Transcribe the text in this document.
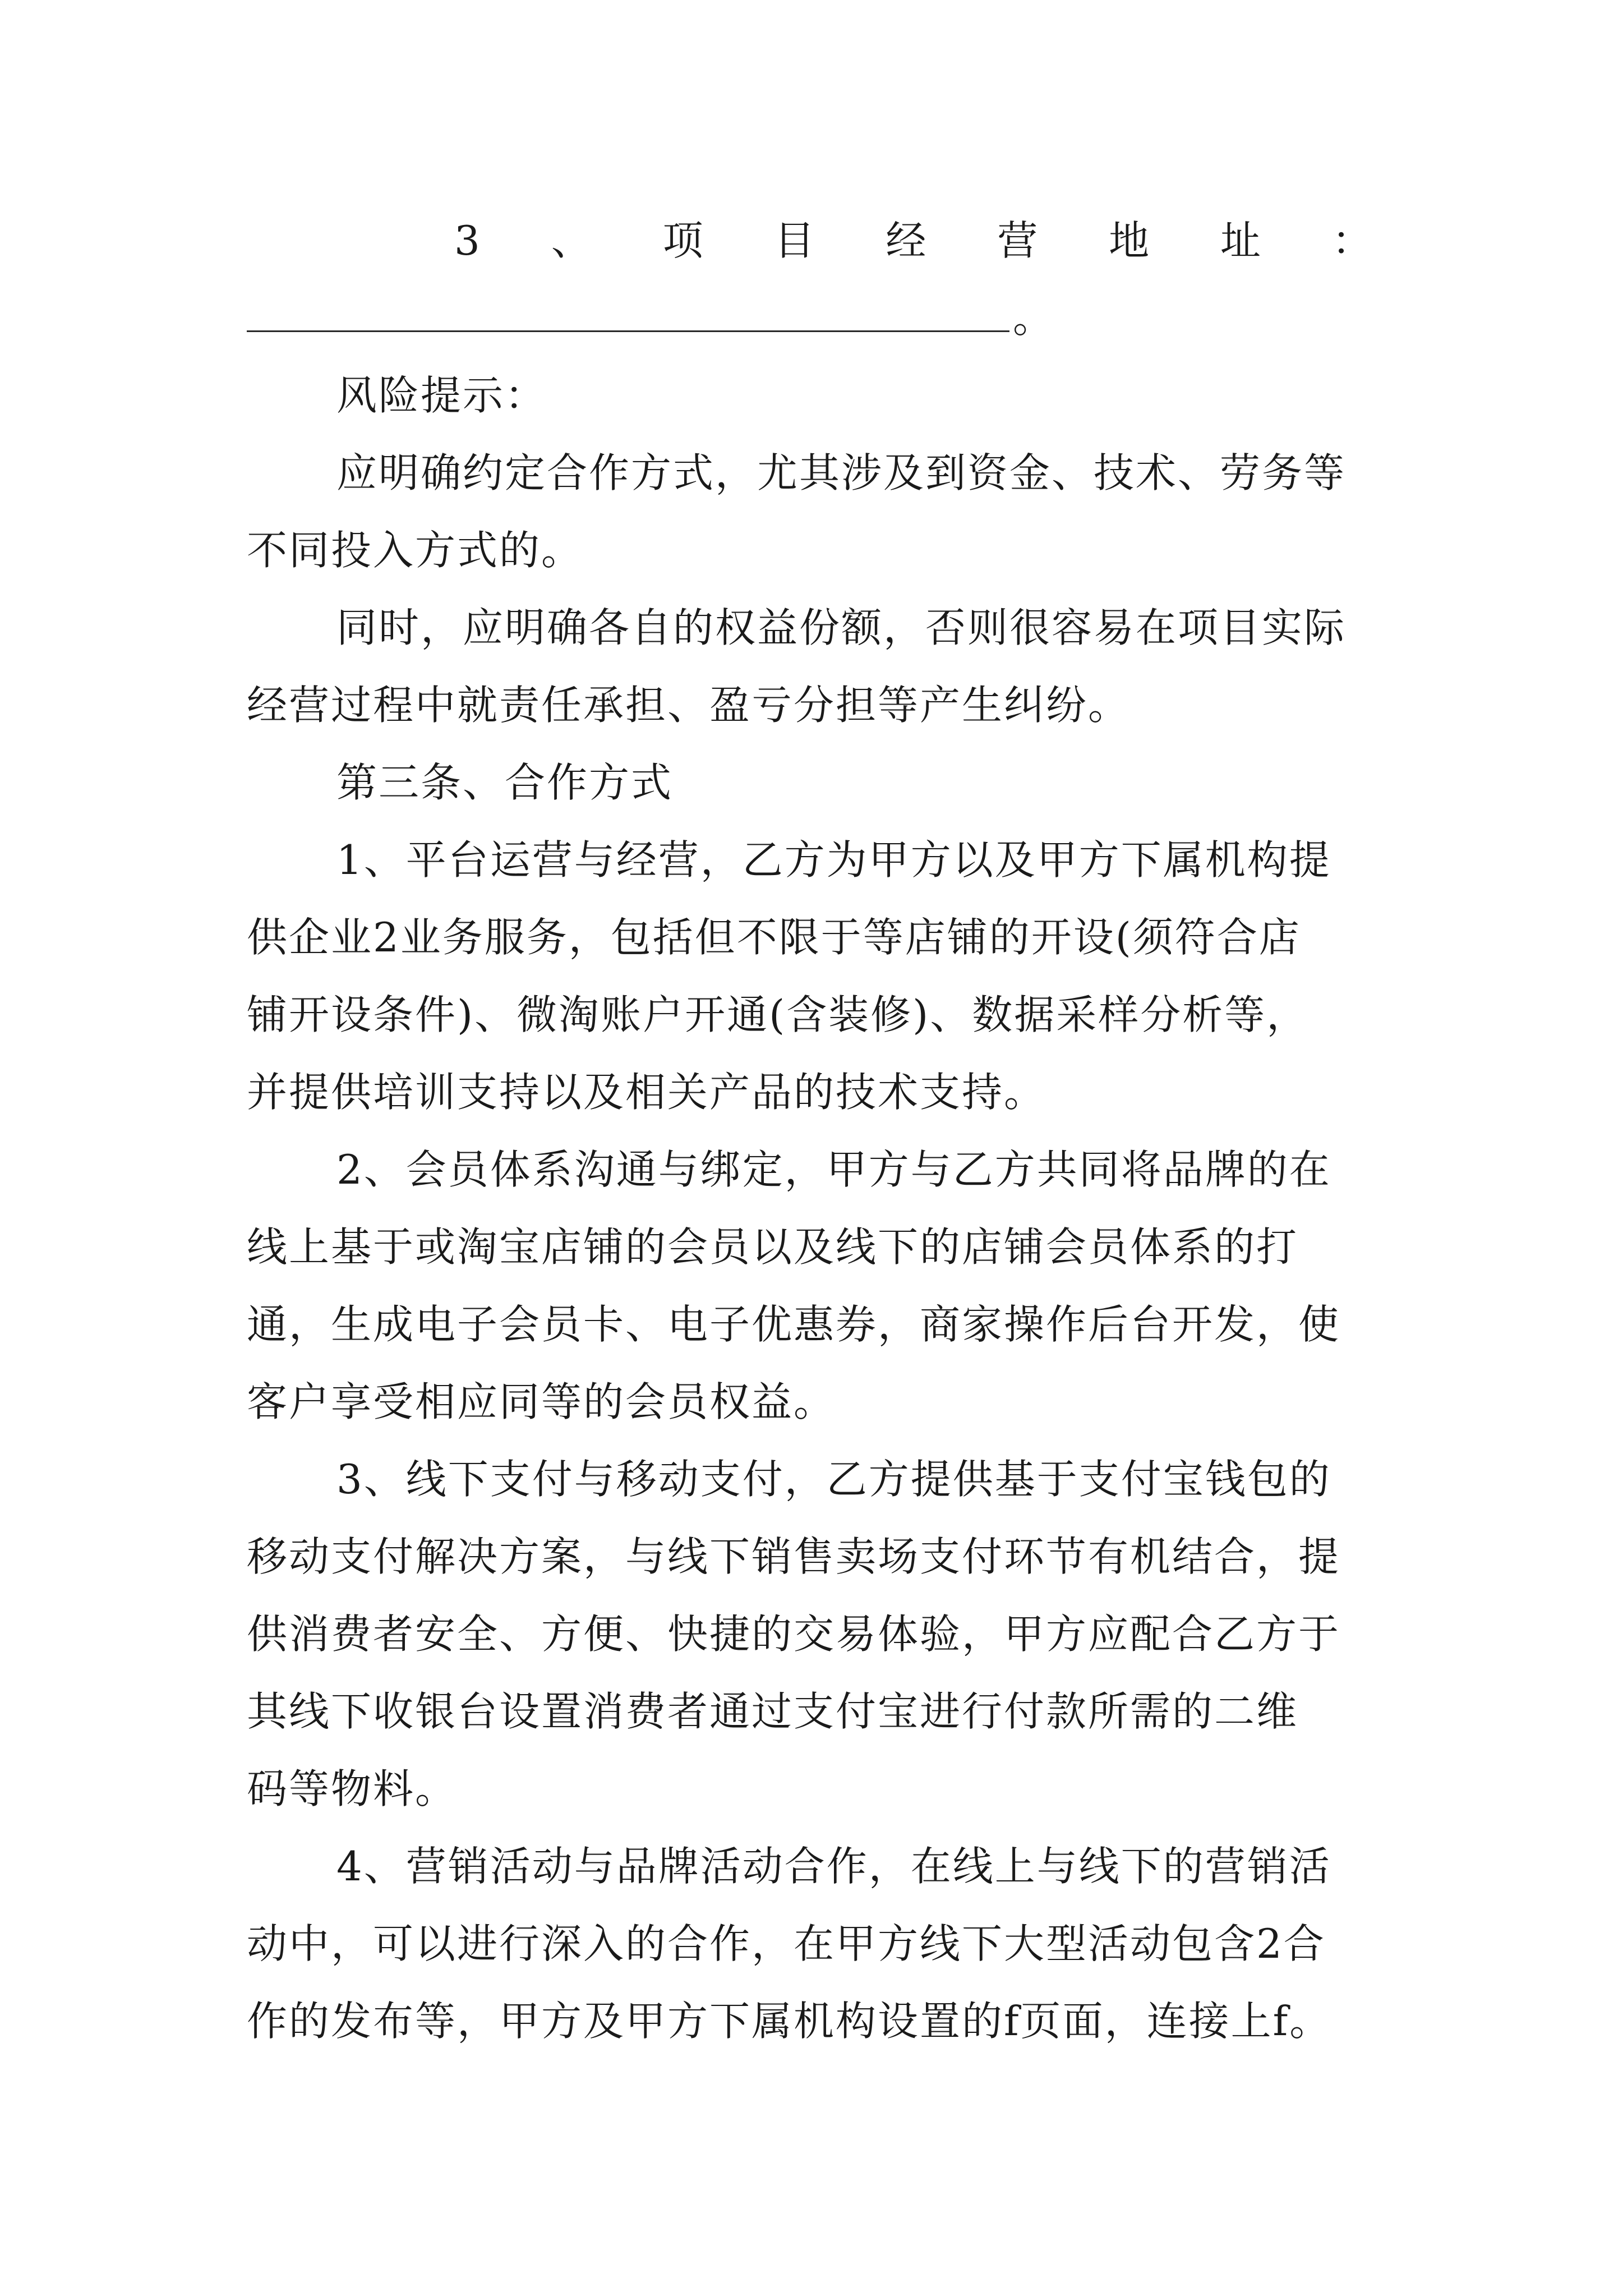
3 、 项 目 经 营 地 址 ：
。
风险提示：
应明确约定合作方式，尤其涉及到资金、技术、劳务等
不同投入方式的。
同时，应明确各自的权益份额，否则很容易在项目实际
经营过程中就责任承担、盈亏分担等产生纠纷。
第三条、合作方式
1、平台运营与经营，乙方为甲方以及甲方下属机构提
供企业2业务服务，包括但不限于等店铺的开设(须符合店
铺开设条件)、微淘账户开通(含装修)、数据采样分析等，
并提供培训支持以及相关产品的技术支持。
2、会员体系沟通与绑定，甲方与乙方共同将品牌的在
线上基于或淘宝店铺的会员以及线下的店铺会员体系的打
通，生成电子会员卡、电子优惠券，商家操作后台开发，使
客户享受相应同等的会员权益。
3、线下支付与移动支付，乙方提供基于支付宝钱包的
移动支付解决方案，与线下销售卖场支付环节有机结合，提
供消费者安全、方便、快捷的交易体验，甲方应配合乙方于
其线下收银台设置消费者通过支付宝进行付款所需的二维
码等物料。
4、营销活动与品牌活动合作，在线上与线下的营销活
动中，可以进行深入的合作，在甲方线下大型活动包含2合
作的发布等，甲方及甲方下属机构设置的f页面，连接上f。
